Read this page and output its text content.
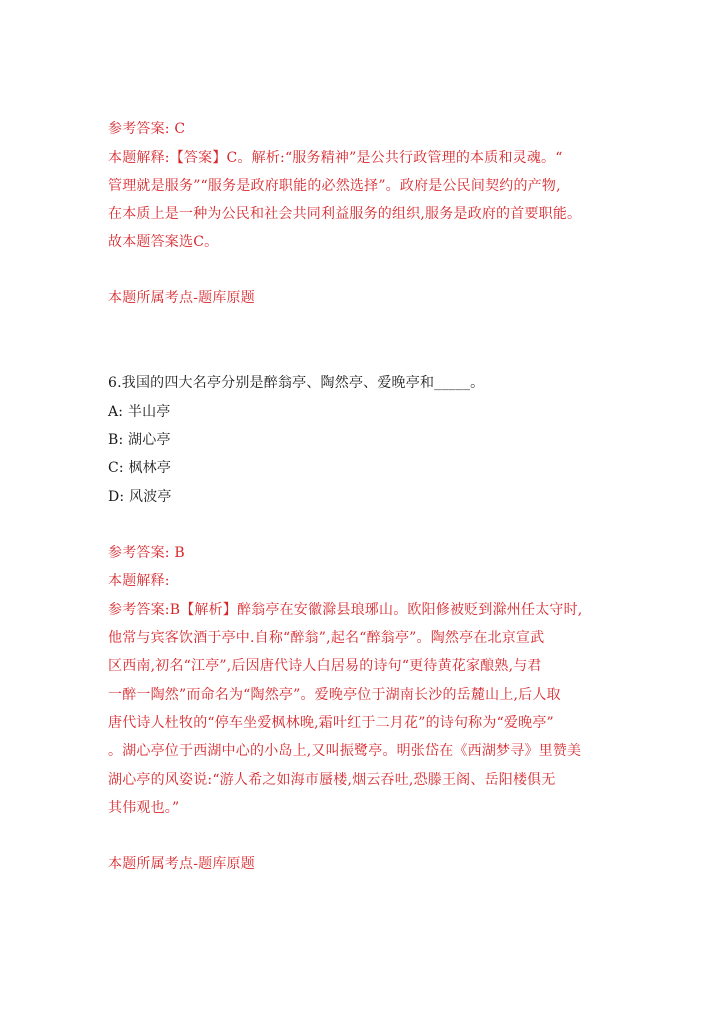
参考答案: C
本题解释:【答案】C。解析:“服务精神”是公共行政管理的本质和灵魂。“
管理就是服务”“服务是政府职能的必然选择”。政府是公民间契约的产物,
在本质上是一种为公民和社会共同利益服务的组织,服务是政府的首要职能。
故本题答案选C。
本题所属考点-题库原题
6.我国的四大名亭分别是醉翁亭、陶然亭、爱晚亭和_____。
A: 半山亭
B: 湖心亭
C: 枫林亭
D: 风波亭
参考答案: B
本题解释:
参考答案:B【解析】醉翁亭在安徽滁县琅琊山。欧阳修被贬到滁州任太守时,
他常与宾客饮酒于亭中.自称“醉翁”,起名“醉翁亭”。陶然亭在北京宣武
区西南,初名“江亭”,后因唐代诗人白居易的诗句“更待黄花家酿熟,与君
一醉一陶然”而命名为“陶然亭”。爱晚亭位于湖南长沙的岳麓山上,后人取
唐代诗人杜牧的“停车坐爱枫林晚,霜叶红于二月花”的诗句称为“爱晚亭”
。湖心亭位于西湖中心的小岛上,又叫振鹭亭。明张岱在《西湖梦寻》里赞美
湖心亭的风姿说:“游人希之如海市蜃楼,烟云吞吐,恐滕王阁、岳阳楼俱无
其伟观也。”
本题所属考点-题库原题
